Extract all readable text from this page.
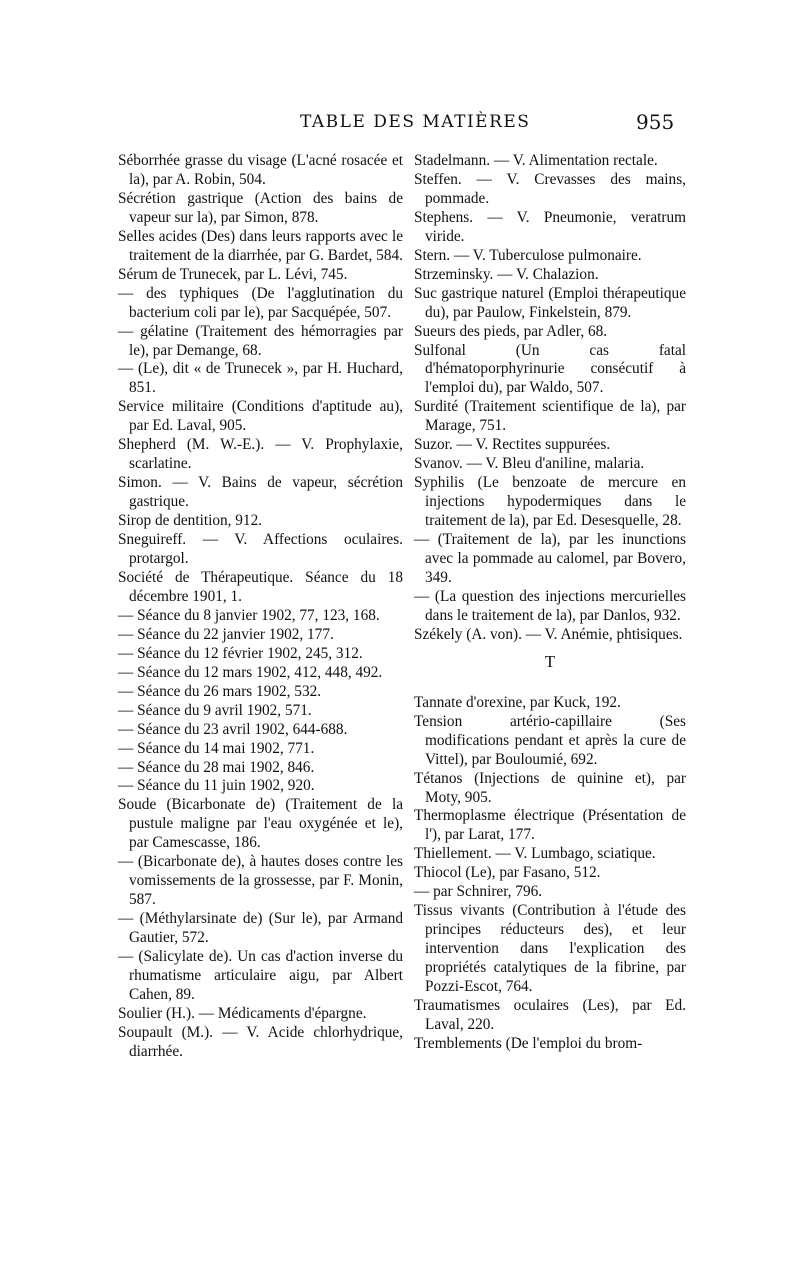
TABLE DES MATIÈRES	955

Séborrhée grasse du visage (L'acné rosacée et la), par A. Robin, 504.

Sécrétion gastrique (Action des bains de vapeur sur la), par Simon, 878.

Selles acides (Des) dans leurs rapports avec le traitement de la diarrhée, par G. Bardet, 584.

Sérum de Trunecek, par L. Lévi, 745.

— des typhiques (De l'agglutination du bacterium coli par le), par Sacquépée, 507.

— gélatine (Traitement des hémorragies par le), par Demange, 68.

— (Le), dit « de Trunecek », par H. Huchard, 851.

Service militaire (Conditions d'aptitude au), par Ed. Laval, 905.

Shepherd (M. W.-E.). — V. Prophylaxie, scarlatine.

Simon. — V. Bains de vapeur, sécrétion gastrique.

Sirop de dentition, 912.

Sneguireff. — V. Affections oculaires. protargol.

Société de Thérapeutique. Séance du 18 décembre 1901, 1.

— Séance du 8 janvier 1902, 77, 123, 168.

— Séance du 22 janvier 1902, 177.

— Séance du 12 février 1902, 245, 312.

— Séance du 12 mars 1902, 412, 448, 492.

— Séance du 26 mars 1902, 532.

— Séance du 9 avril 1902, 571.

— Séance du 23 avril 1902, 644-688.

— Séance du 14 mai 1902, 771.

— Séance du 28 mai 1902, 846.

— Séance du 11 juin 1902, 920.

Soude (Bicarbonate de) (Traitement de la pustule maligne par l'eau oxygénée et le), par Camescasse, 186.

— (Bicarbonate de), à hautes doses contre les vomissements de la grossesse, par F. Monin, 587.

— (Méthylarsinate de) (Sur le), par Armand Gautier, 572.

— (Salicylate de). Un cas d'action inverse du rhumatisme articulaire aigu, par Albert Cahen, 89.

Soulier (H.). — Médicaments d'épargne.

Soupault (M.). — V. Acide chlorhydrique, diarrhée.

Stadelmann. — V. Alimentation rectale.

Steffen. — V. Crevasses des mains, pommade.

Stephens. — V. Pneumonie, veratrum viride.

Stern. — V. Tuberculose pulmonaire.

Strzeminsky. — V. Chalazion.

Suc gastrique naturel (Emploi thérapeutique du), par Paulow, Finkelstein, 879.

Sueurs des pieds, par Adler, 68.

Sulfonal (Un cas fatal d'hématoporphyrinurie consécutif à l'emploi du), par Waldo, 507.

Surdité (Traitement scientifique de la), par Marage, 751.

Suzor. — V. Rectites suppurées.

Svanov. — V. Bleu d'aniline, malaria.

Syphilis (Le benzoate de mercure en injections hypodermiques dans le traitement de la), par Ed. Desesquelle, 28.

— (Traitement de la), par les inunctions avec la pommade au calomel, par Bovero, 349.

— (La question des injections mercurielles dans le traitement de la), par Danlos, 932.

Székely (A. von). — V. Anémie, phtisiques.

T

Tannate d'orexine, par Kuck, 192.

Tension artério-capillaire (Ses modifications pendant et après la cure de Vittel), par Bouloumié, 692.

Tétanos (Injections de quinine et), par Moty, 905.

Thermoplasme électrique (Présentation de l'), par Larat, 177.

Thiellement. — V. Lumbago, sciatique.

Thiocol (Le), par Fasano, 512.

— par Schnirer, 796.

Tissus vivants (Contribution à l'étude des principes réducteurs des), et leur intervention dans l'explication des propriétés catalytiques de la fibrine, par Pozzi-Escot, 764.

Traumatismes oculaires (Les), par Ed. Laval, 220.

Tremblements (De l'emploi du brom-
